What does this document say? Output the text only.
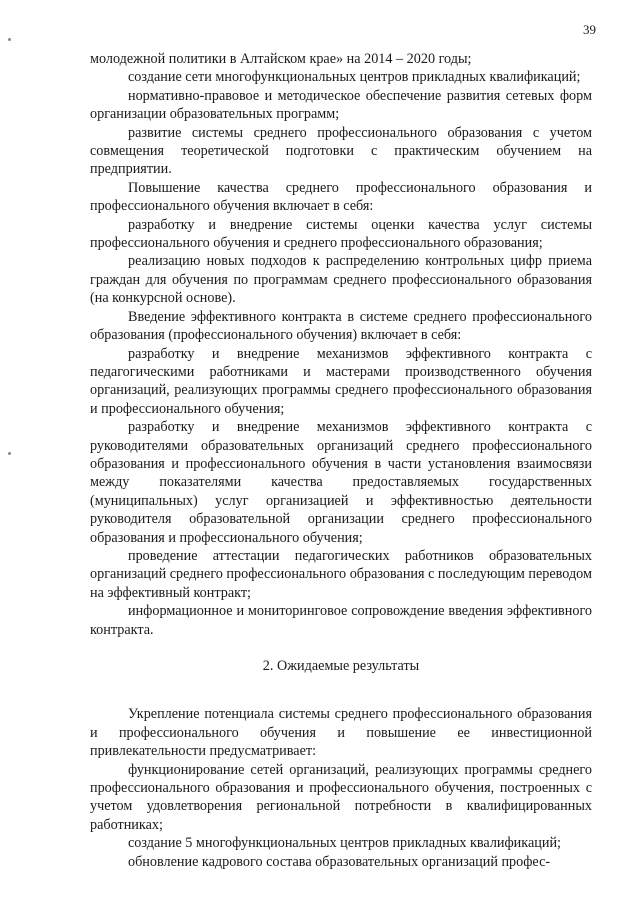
39

молодежной политики в Алтайском крае» на 2014 – 2020 годы;

создание сети многофункциональных центров прикладных квалификаций;

нормативно-правовое и методическое обеспечение развития сетевых форм организации образовательных программ;

развитие системы среднего профессионального образования с учетом совмещения теоретической подготовки с практическим обучением на предприятии.

Повышение качества среднего профессионального образования и профессионального обучения включает в себя:

разработку и внедрение системы оценки качества услуг системы профессионального обучения и среднего профессионального образования;

реализацию новых подходов к распределению контрольных цифр приема граждан для обучения по программам среднего профессионального образования (на конкурсной основе).

Введение эффективного контракта в системе среднего профессионального образования (профессионального обучения) включает в себя:

разработку и внедрение механизмов эффективного контракта с педагогическими работниками и мастерами производственного обучения организаций, реализующих программы среднего профессионального образования и профессионального обучения;

разработку и внедрение механизмов эффективного контракта с руководителями образовательных организаций среднего профессионального образования и профессионального обучения в части установления взаимосвязи между показателями качества предоставляемых государственных (муниципальных) услуг организацией и эффективностью деятельности руководителя образовательной организации среднего профессионального образования и профессионального обучения;

проведение аттестации педагогических работников образовательных организаций среднего профессионального образования с последующим переводом на эффективный контракт;

информационное и мониторинговое сопровождение введения эффективного контракта.

2. Ожидаемые результаты

Укрепление потенциала системы среднего профессионального образования и профессионального обучения и повышение ее инвестиционной привлекательности предусматривает:

функционирование сетей организаций, реализующих программы среднего профессионального образования и профессионального обучения, построенных с учетом удовлетворения региональной потребности в квалифицированных работниках;

создание 5 многофункциональных центров прикладных квалификаций;

обновление кадрового состава образовательных организаций профес-
